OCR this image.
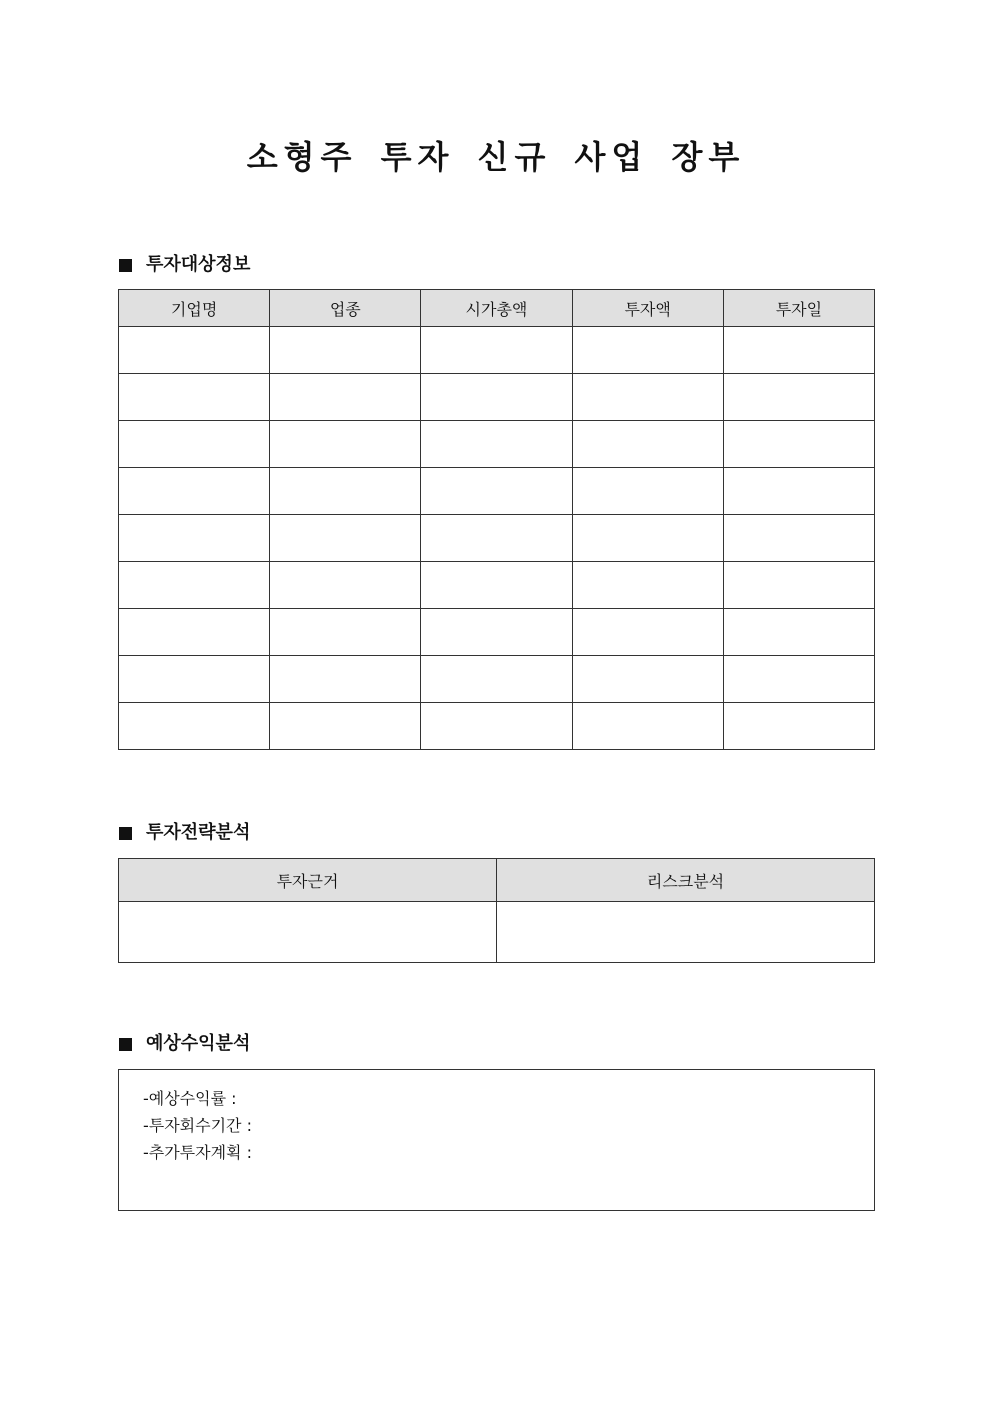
소형주 투자 신규 사업 장부
투자대상정보
기업명	업종	시가총액	투자액	투자일

투자전략분석
투자근거	리스크분석

예상수익분석
-예상수익률 :
-투자회수기간 :
-추가투자계획 :
